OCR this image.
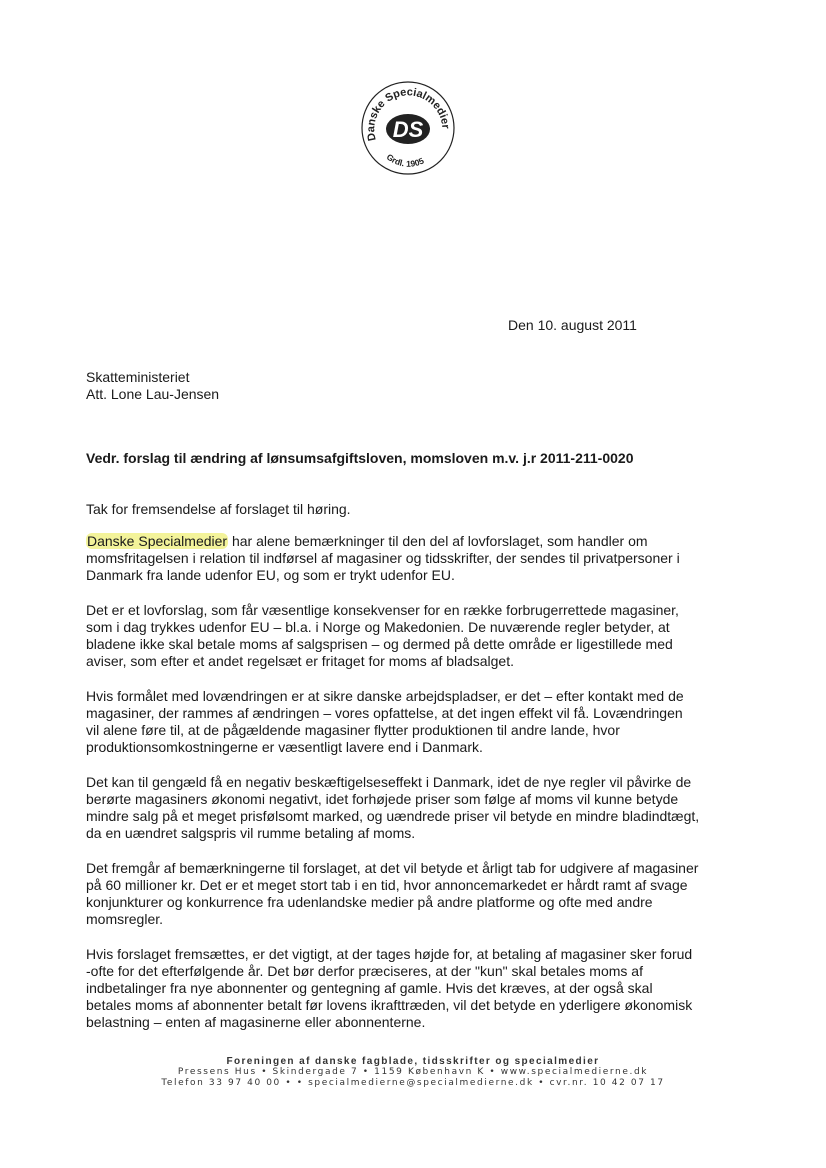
Danske Specialmedier
Grdl. 1905
DS
Den 10. august 2011
Skatteministeriet
Att. Lone Lau-Jensen
Vedr. forslag til ændring af lønsumsafgiftsloven, momsloven m.v. j.r 2011-211-0020

Tak for fremsendelse af forslaget til høring.

Danske Specialmedier har alene bemærkninger til den del af lovforslaget, som handler om
momsfritagelsen i relation til indførsel af magasiner og tidsskrifter, der sendes til privatpersoner i
Danmark fra lande udenfor EU, og som er trykt udenfor EU.

Det er et lovforslag, som får væsentlige konsekvenser for en række forbrugerrettede magasiner,
som i dag trykkes udenfor EU – bl.a. i Norge og Makedonien. De nuværende regler betyder, at
bladene ikke skal betale moms af salgsprisen – og dermed på dette område er ligestillede med
aviser, som efter et andet regelsæt er fritaget for moms af bladsalget.

Hvis formålet med lovændringen er at sikre danske arbejdspladser, er det – efter kontakt med de
magasiner, der rammes af ændringen – vores opfattelse, at det ingen effekt vil få. Lovændringen
vil alene føre til, at de pågældende magasiner flytter produktionen til andre lande, hvor
produktionsomkostningerne er væsentligt lavere end i Danmark.

Det kan til gengæld få en negativ beskæftigelseseffekt i Danmark, idet de nye regler vil påvirke de
berørte magasiners økonomi negativt, idet forhøjede priser som følge af moms vil kunne betyde
mindre salg på et meget prisfølsomt marked, og uændrede priser vil betyde en mindre bladindtægt,
da en uændret salgspris vil rumme betaling af moms.

Det fremgår af bemærkningerne til forslaget, at det vil betyde et årligt tab for udgivere af magasiner
på 60 millioner kr. Det er et meget stort tab i en tid, hvor annoncemarkedet er hårdt ramt af svage
konjunkturer og konkurrence fra udenlandske medier på andre platforme og ofte med andre
momsregler.

Hvis forslaget fremsættes, er det vigtigt, at der tages højde for, at betaling af magasiner sker forud
-ofte for det efterfølgende år. Det bør derfor præciseres, at der "kun" skal betales moms af
indbetalinger fra nye abonnenter og gentegning af gamle. Hvis det kræves, at der også skal
betales moms af abonnenter betalt før lovens ikrafttræden, vil det betyde en yderligere økonomisk
belastning – enten af magasinerne eller abonnenterne.

Foreningen af danske fagblade, tidsskrifter og specialmedier
Pressens Hus • Skindergade 7 • 1159 København K • www.specialmedierne.dk
Telefon 33 97 40 00 • • specialmedierne@specialmedierne.dk • cvr.nr. 10 42 07 17
